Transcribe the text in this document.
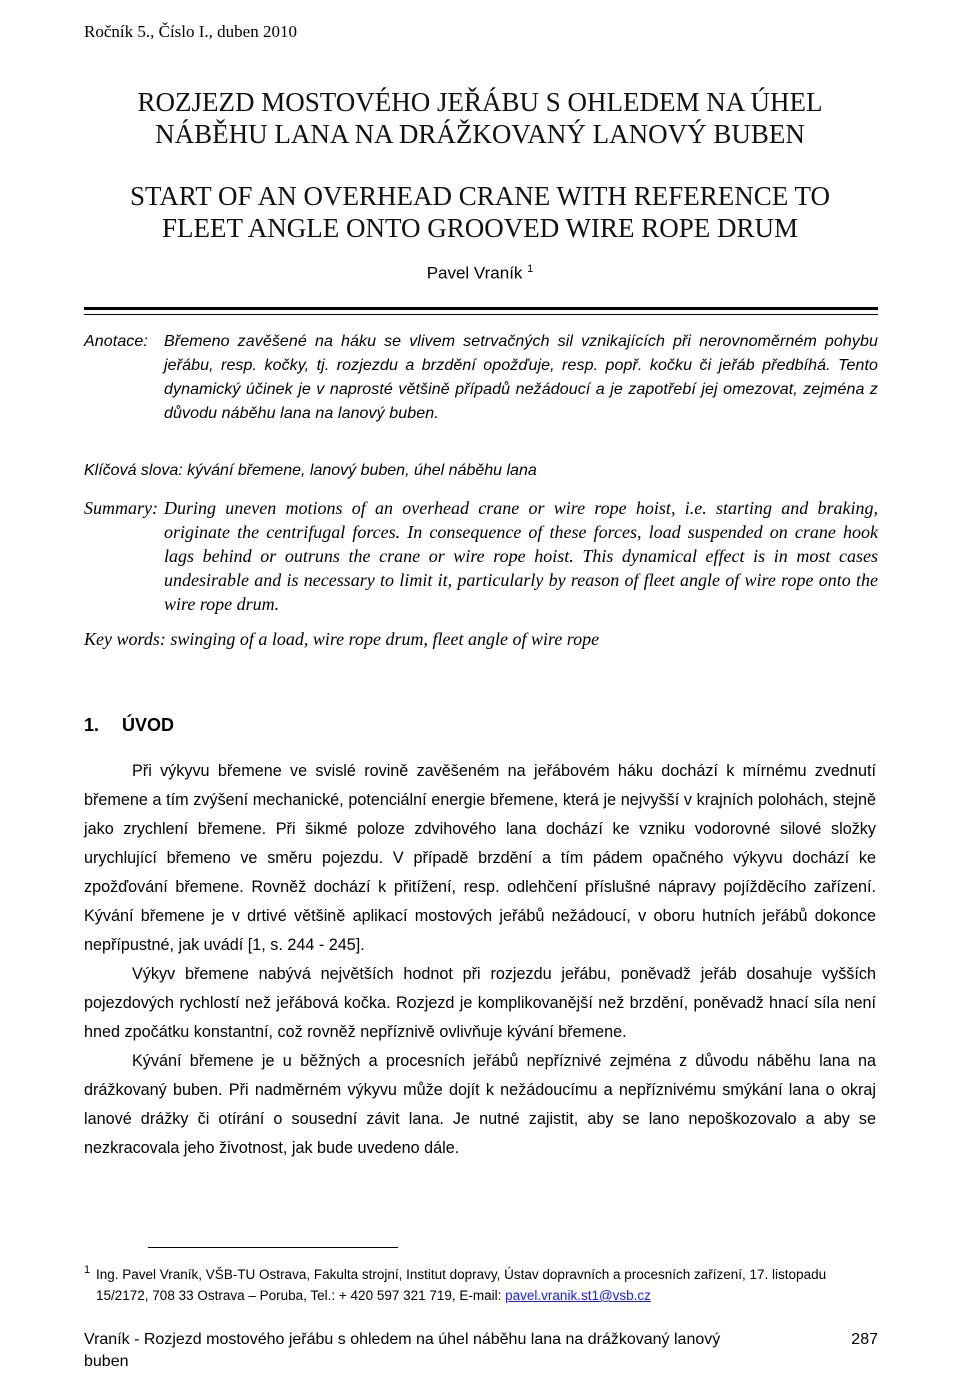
Ročník 5., Číslo I., duben 2010
ROZJEZD MOSTOVÉHO JEŘÁBU S OHLEDEM NA ÚHEL
NÁBĚHU LANA NA DRÁŽKOVANÝ LANOVÝ BUBEN
START OF AN OVERHEAD CRANE WITH REFERENCE TO
FLEET ANGLE ONTO GROOVED WIRE ROPE DRUM
Pavel Vraník $^1$
Anotace: Břemeno zavěšené na háku se vlivem setrvačných sil vznikajících při nerovnoměrném pohybu jeřábu, resp. kočky, tj. rozjezdu a brzdění opožďuje, resp. popř. kočku či jeřáb předbíhá. Tento dynamický účinek je v naprosté většině případů nežádoucí a je zapotřebí jej omezovat, zejména z důvodu náběhu lana na lanový buben.
Klíčová slova: kývání břemene, lanový buben, úhel náběhu lana
Summary: During uneven motions of an overhead crane or wire rope hoist, i.e. starting and braking, originate the centrifugal forces. In consequence of these forces, load suspended on crane hook lags behind or outruns the crane or wire rope hoist. This dynamical effect is in most cases undesirable and is necessary to limit it, particularly by reason of fleet angle of wire rope onto the wire rope drum.
Key words: swinging of a load, wire rope drum, fleet angle of wire rope
1. ÚVOD

Při výkyvu břemene ve svislé rovině zavěšeném na jeřábovém háku dochází k mírnému zvednutí břemene a tím zvýšení mechanické, potenciální energie břemene, která je nejvyšší v krajních polohách, stejně jako zrychlení břemene. Při šikmé poloze zdvihového lana dochází ke vzniku vodorovné silové složky urychlující břemeno ve směru pojezdu. V případě brzdění a tím pádem opačného výkyvu dochází ke zpožďování břemene. Rovněž dochází k přitížení, resp. odlehčení příslušné nápravy pojížděcího zařízení. Kývání břemene je v drtivé většině aplikací mostových jeřábů nežádoucí, v oboru hutních jeřábů dokonce nepřípustné, jak uvádí [1, s. 244 - 245].

Výkyv břemene nabývá největších hodnot při rozjezdu jeřábu, poněvadž jeřáb dosahuje vyšších pojezdových rychlostí než jeřábová kočka. Rozjezd je komplikovanější než brzdění, poněvadž hnací síla není hned zpočátku konstantní, což rovněž nepříznivě ovlivňuje kývání břemene.

Kývání břemene je u běžných a procesních jeřábů nepříznivé zejména z důvodu náběhu lana na drážkovaný buben. Při nadměrném výkyvu může dojít k nežádoucímu a nepříznivému smýkání lana o okraj lanové drážky či otírání o sousední závit lana. Je nutné zajistit, aby se lano nepoškozovalo a aby se nezkracovala jeho životnost, jak bude uvedeno dále.

1 Ing. Pavel Vraník, VŠB-TU Ostrava, Fakulta strojní, Institut dopravy, Ústav dopravních a procesních zařízení, 17. listopadu 15/2172, 708 33 Ostrava – Poruba, Tel.: + 420 597 321 719, E-mail: pavel.vranik.st1@vsb.cz
Vraník - Rozjezd mostového jeřábu s ohledem na úhel náběhu lana na drážkovaný lanový buben
287
